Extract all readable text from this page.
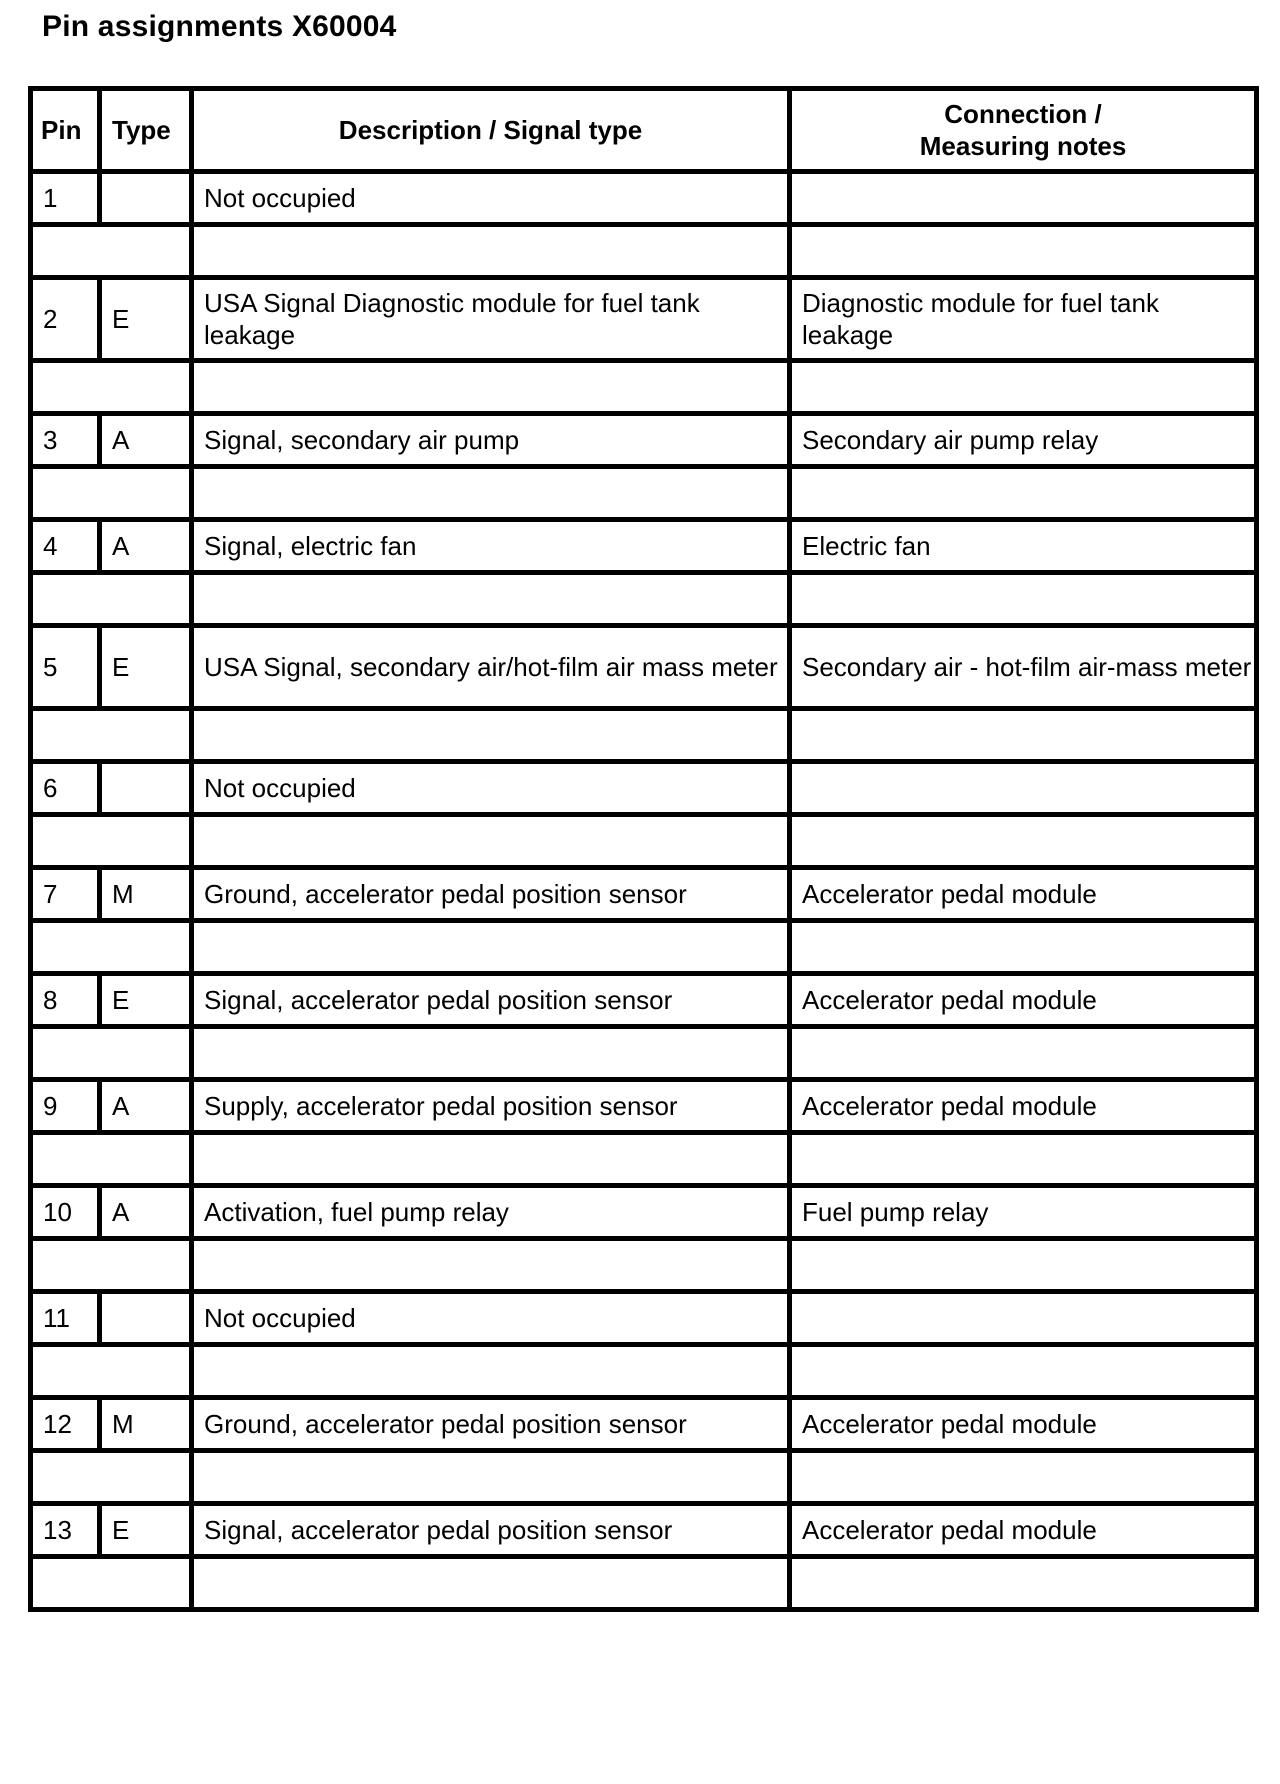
Pin assignments X60004
Pin	Type	Description / Signal type	Connection /
Measuring notes

1		Not occupied	

2	E	USA Signal Diagnostic module for fuel tank leakage	Diagnostic module for fuel tank leakage

3	A	Signal, secondary air pump	Secondary air pump relay

4	A	Signal, electric fan	Electric fan

5	E	USA Signal, secondary air/hot-film air mass meter	Secondary air - hot-film air-mass meter

6		Not occupied	

7	M	Ground, accelerator pedal position sensor	Accelerator pedal module

8	E	Signal, accelerator pedal position sensor	Accelerator pedal module

9	A	Supply, accelerator pedal position sensor	Accelerator pedal module

10	A	Activation, fuel pump relay	Fuel pump relay

11		Not occupied	

12	M	Ground, accelerator pedal position sensor	Accelerator pedal module

13	E	Signal, accelerator pedal position sensor	Accelerator pedal module
